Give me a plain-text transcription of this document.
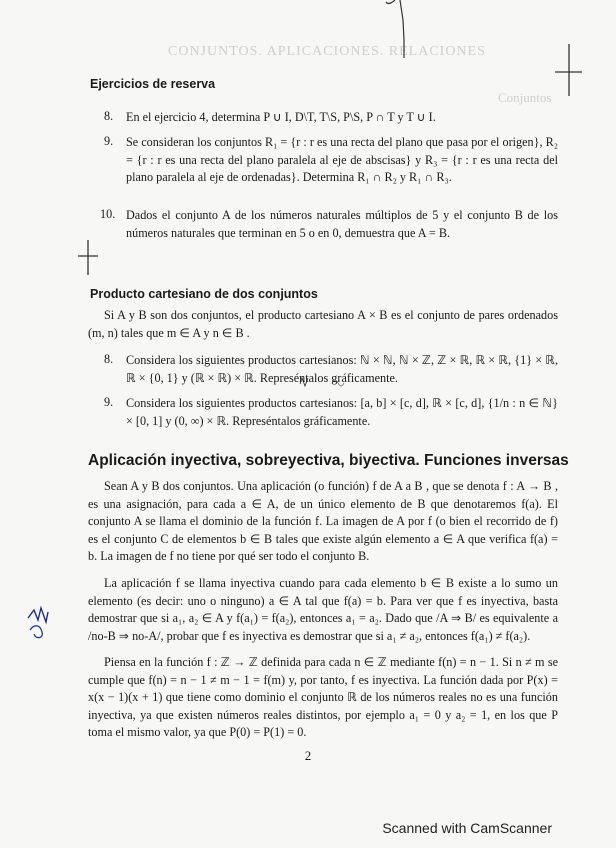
CONJUNTOS. APLICACIONES. RELACIONES
Conjuntos
Ejercicios de reserva
8. En el ejercicio 4, determina P ∪ I, D\T, T\S, P\S, P ∩ T y T ∪ I.
9. Se consideran los conjuntos R₁ = {r : r es una recta del plano que pasa por el origen}, R₂ = {r : r es una recta del plano paralela al eje de abscisas} y R₃ = {r : r es una recta del plano paralela al eje de ordenadas}. Determina R₁ ∩ R₂ y R₁ ∩ R₃.
10. Dados el conjunto A de los números naturales múltiplos de 5 y el conjunto B de los números naturales que terminan en 5 o en 0, demuestra que A = B.
Producto cartesiano de dos conjuntos

Si A y B son dos conjuntos, el producto cartesiano A × B es el conjunto de pares ordenados (m, n) tales que m ∈ A y n ∈ B .

8. Considera los siguientes productos cartesianos: ℕ × ℕ, ℕ × ℤ, ℤ × ℝ, ℝ × ℝ, {1} × ℝ, ℝ × {0, 1} y (ℝ × ℝ) × ℝ. Represéntalos gráficamente.
9. Considera los siguientes productos cartesianos: [a, b] × [c, d], ℝ × [c, d], {1/n : n ∈ ℕ} × [0, 1] y (0, ∞) × ℝ. Represéntalos gráficamente.
Aplicación inyectiva, sobreyectiva, biyectiva. Funciones inversas

Sean A y B dos conjuntos. Una aplicación (o función) f de A a B , que se denota f : A → B , es una asignación, para cada a ∈ A, de un único elemento de B que denotaremos f(a). El conjunto A se llama el dominio de la función f. La imagen de A por f (o bien el recorrido de f) es el conjunto C de elementos b ∈ B tales que existe algún elemento a ∈ A que verifica f(a) = b. La imagen de f no tiene por qué ser todo el conjunto B.

La aplicación f se llama inyectiva cuando para cada elemento b ∈ B existe a lo sumo un elemento (es decir: uno o ninguno) a ∈ A tal que f(a) = b. Para ver que f es inyectiva, basta demostrar que si a₁, a₂ ∈ A y f(a₁) = f(a₂), entonces a₁ = a₂. Dado que /A ⇒ B/ es equivalente a /no-B ⇒ no-A/, probar que f es inyectiva es demostrar que si a₁ ≠ a₂, entonces f(a₁) ≠ f(a₂).

Piensa en la función f : ℤ → ℤ definida para cada n ∈ ℤ mediante f(n) = n − 1. Si n ≠ m se cumple que f(n) = n − 1 ≠ m − 1 = f(m) y, por tanto, f es inyectiva. La función dada por P(x) = x(x − 1)(x + 1) que tiene como dominio el conjunto ℝ de los números reales no es una función inyectiva, ya que existen números reales distintos, por ejemplo a₁ = 0 y a₂ = 1, en los que P toma el mismo valor, ya que P(0) = P(1) = 0.

2
Scanned with CamScanner
